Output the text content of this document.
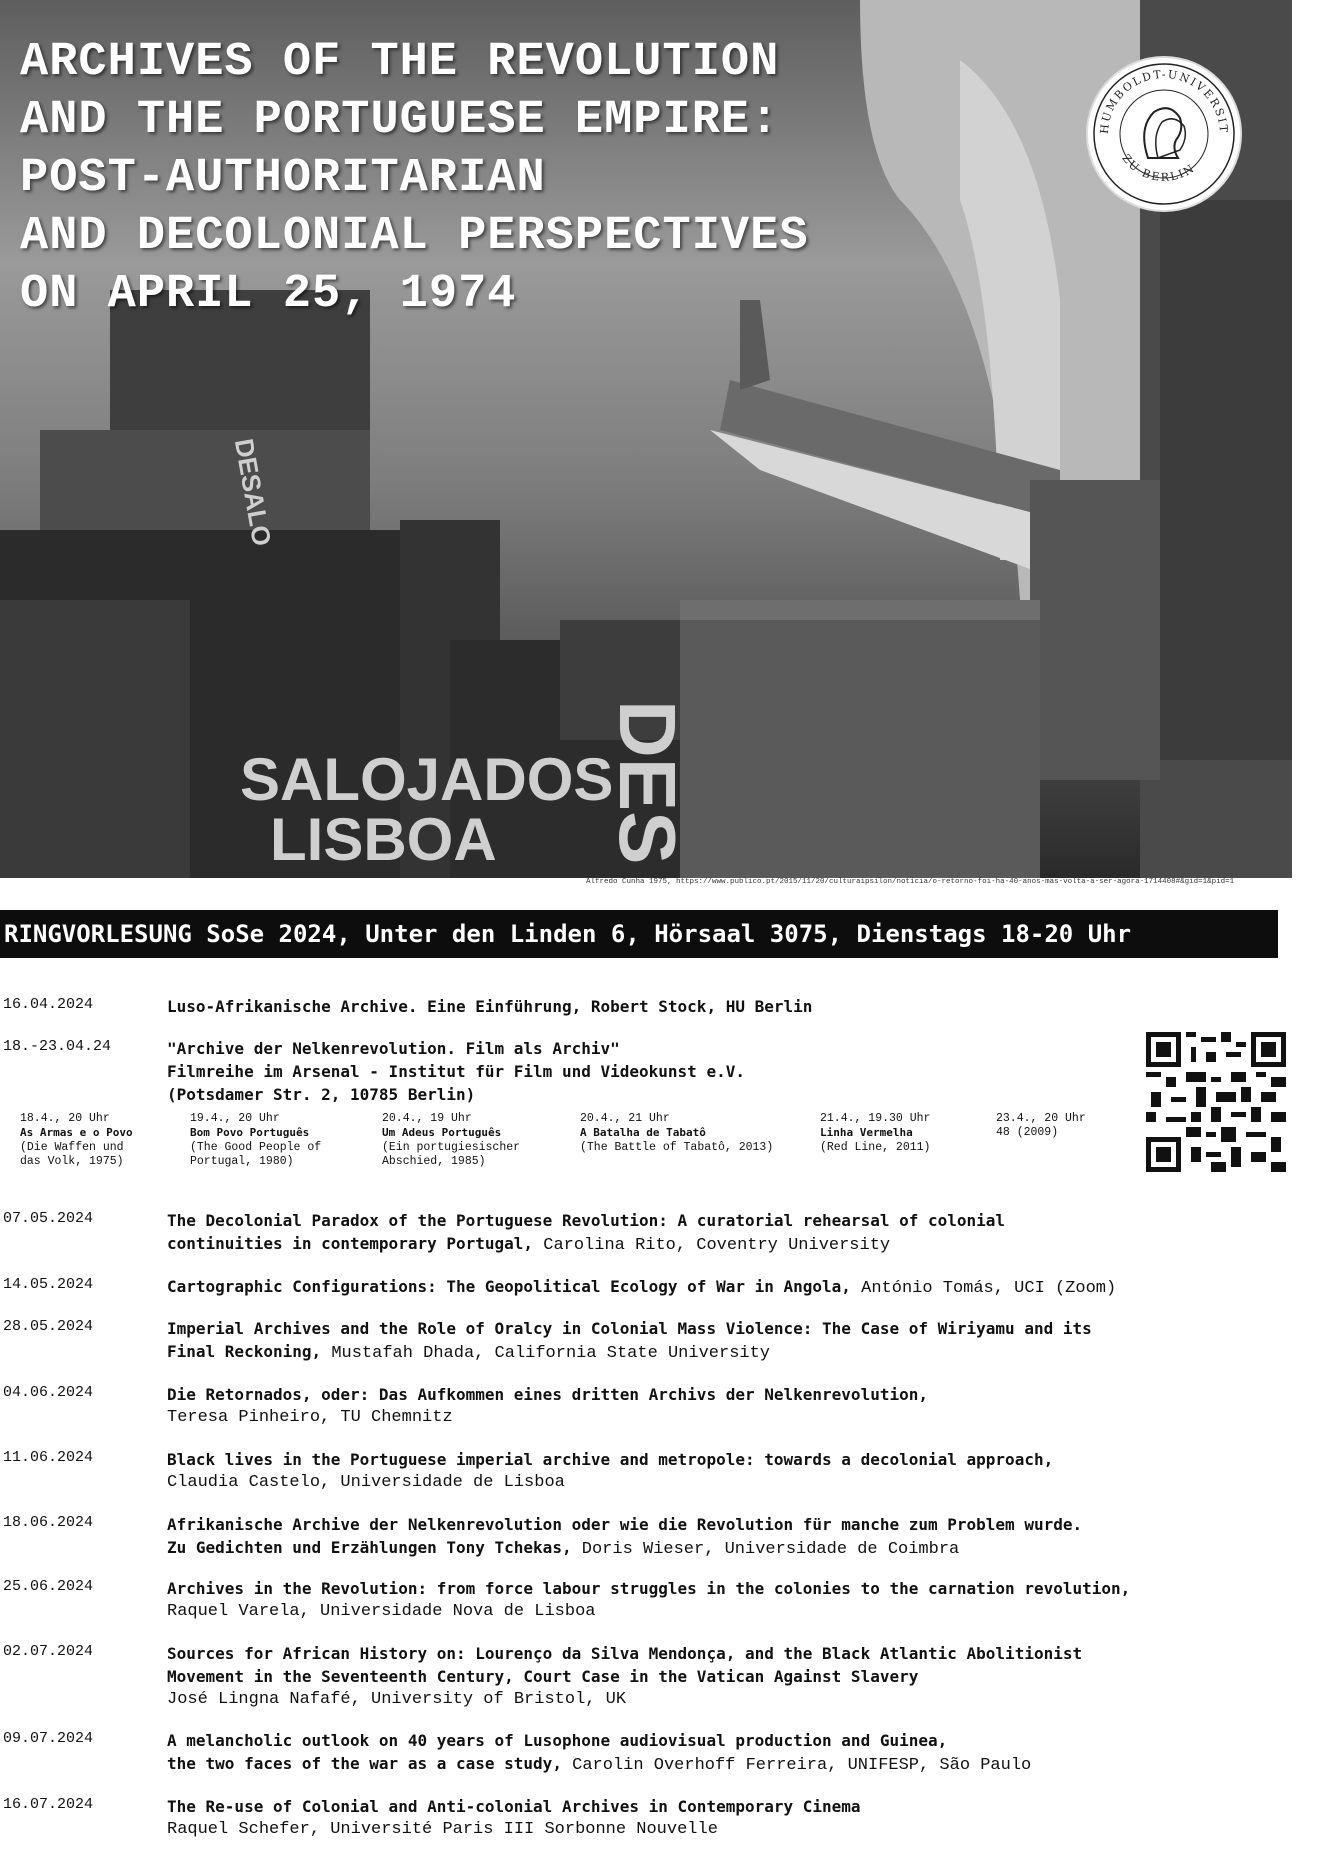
DES
SALOJADOS
LISBOA
DESALO
ARCHIVES OF THE REVOLUTION
AND THE PORTUGUESE EMPIRE:
POST-AUTHORITARIAN
AND DECOLONIAL PERSPECTIVES
ON APRIL 25, 1974
HUMBOLDT-UNIVERSIT
ZU BERLIN
Alfredo Cunha 1975, https://www.publico.pt/2015/11/20/culturaipsilon/noticia/o-retorno-foi-ha-40-anos-mas-volta-a-ser-agora-1714408#&gid=1&pid=1
RINGVORLESUNG SoSe 2024, Unter den Linden 6, Hörsaal 3075, Dienstags 18-20 Uhr
16.04.2024	Luso-Afrikanische Archive. Eine Einführung, Robert Stock, HU Berlin
18.-23.04.24	"Archive der Nelkenrevolution. Film als Archiv"
Filmreihe im Arsenal - Institut für Film und Videokunst e.V.
(Potsdamer Str. 2, 10785 Berlin)
18.4., 20 Uhr
As Armas e o Povo
(Die Waffen und
das Volk, 1975)
19.4., 20 Uhr
Bom Povo Português
(The Good People of
Portugal, 1980)
20.4., 19 Uhr
Um Adeus Português
(Ein portugiesischer
Abschied, 1985)
20.4., 21 Uhr
A Batalha de Tabatô
(The Battle of Tabatô, 2013)
21.4., 19.30 Uhr
Linha Vermelha
(Red Line, 2011)
23.4., 20 Uhr
48 (2009)
07.05.2024	The Decolonial Paradox of the Portuguese Revolution: A curatorial rehearsal of colonial
continuities in contemporary Portugal, Carolina Rito, Coventry University
14.05.2024	Cartographic Configurations: The Geopolitical Ecology of War in Angola, António Tomás, UCI (Zoom)
28.05.2024	Imperial Archives and the Role of Oralcy in Colonial Mass Violence: The Case of Wiriyamu and its
Final Reckoning, Mustafah Dhada, California State University
04.06.2024	Die Retornados, oder: Das Aufkommen eines dritten Archivs der Nelkenrevolution,
Teresa Pinheiro, TU Chemnitz
11.06.2024	Black lives in the Portuguese imperial archive and metropole: towards a decolonial approach,
Claudia Castelo, Universidade de Lisboa
18.06.2024	Afrikanische Archive der Nelkenrevolution oder wie die Revolution für manche zum Problem wurde.
Zu Gedichten und Erzählungen Tony Tchekas, Doris Wieser, Universidade de Coimbra
25.06.2024	Archives in the Revolution: from force labour struggles in the colonies to the carnation revolution,
Raquel Varela, Universidade Nova de Lisboa
02.07.2024	Sources for African History on: Lourenço da Silva Mendonça, and the Black Atlantic Abolitionist
Movement in the Seventeenth Century, Court Case in the Vatican Against Slavery
José Lingna Nafafé, University of Bristol, UK
09.07.2024	A melancholic outlook on 40 years of Lusophone audiovisual production and Guinea,
the two faces of the war as a case study, Carolin Overhoff Ferreira, UNIFESP, São Paulo
16.07.2024	The Re-use of Colonial and Anti-colonial Archives in Contemporary Cinema
Raquel Schefer, Université Paris III Sorbonne Nouvelle
